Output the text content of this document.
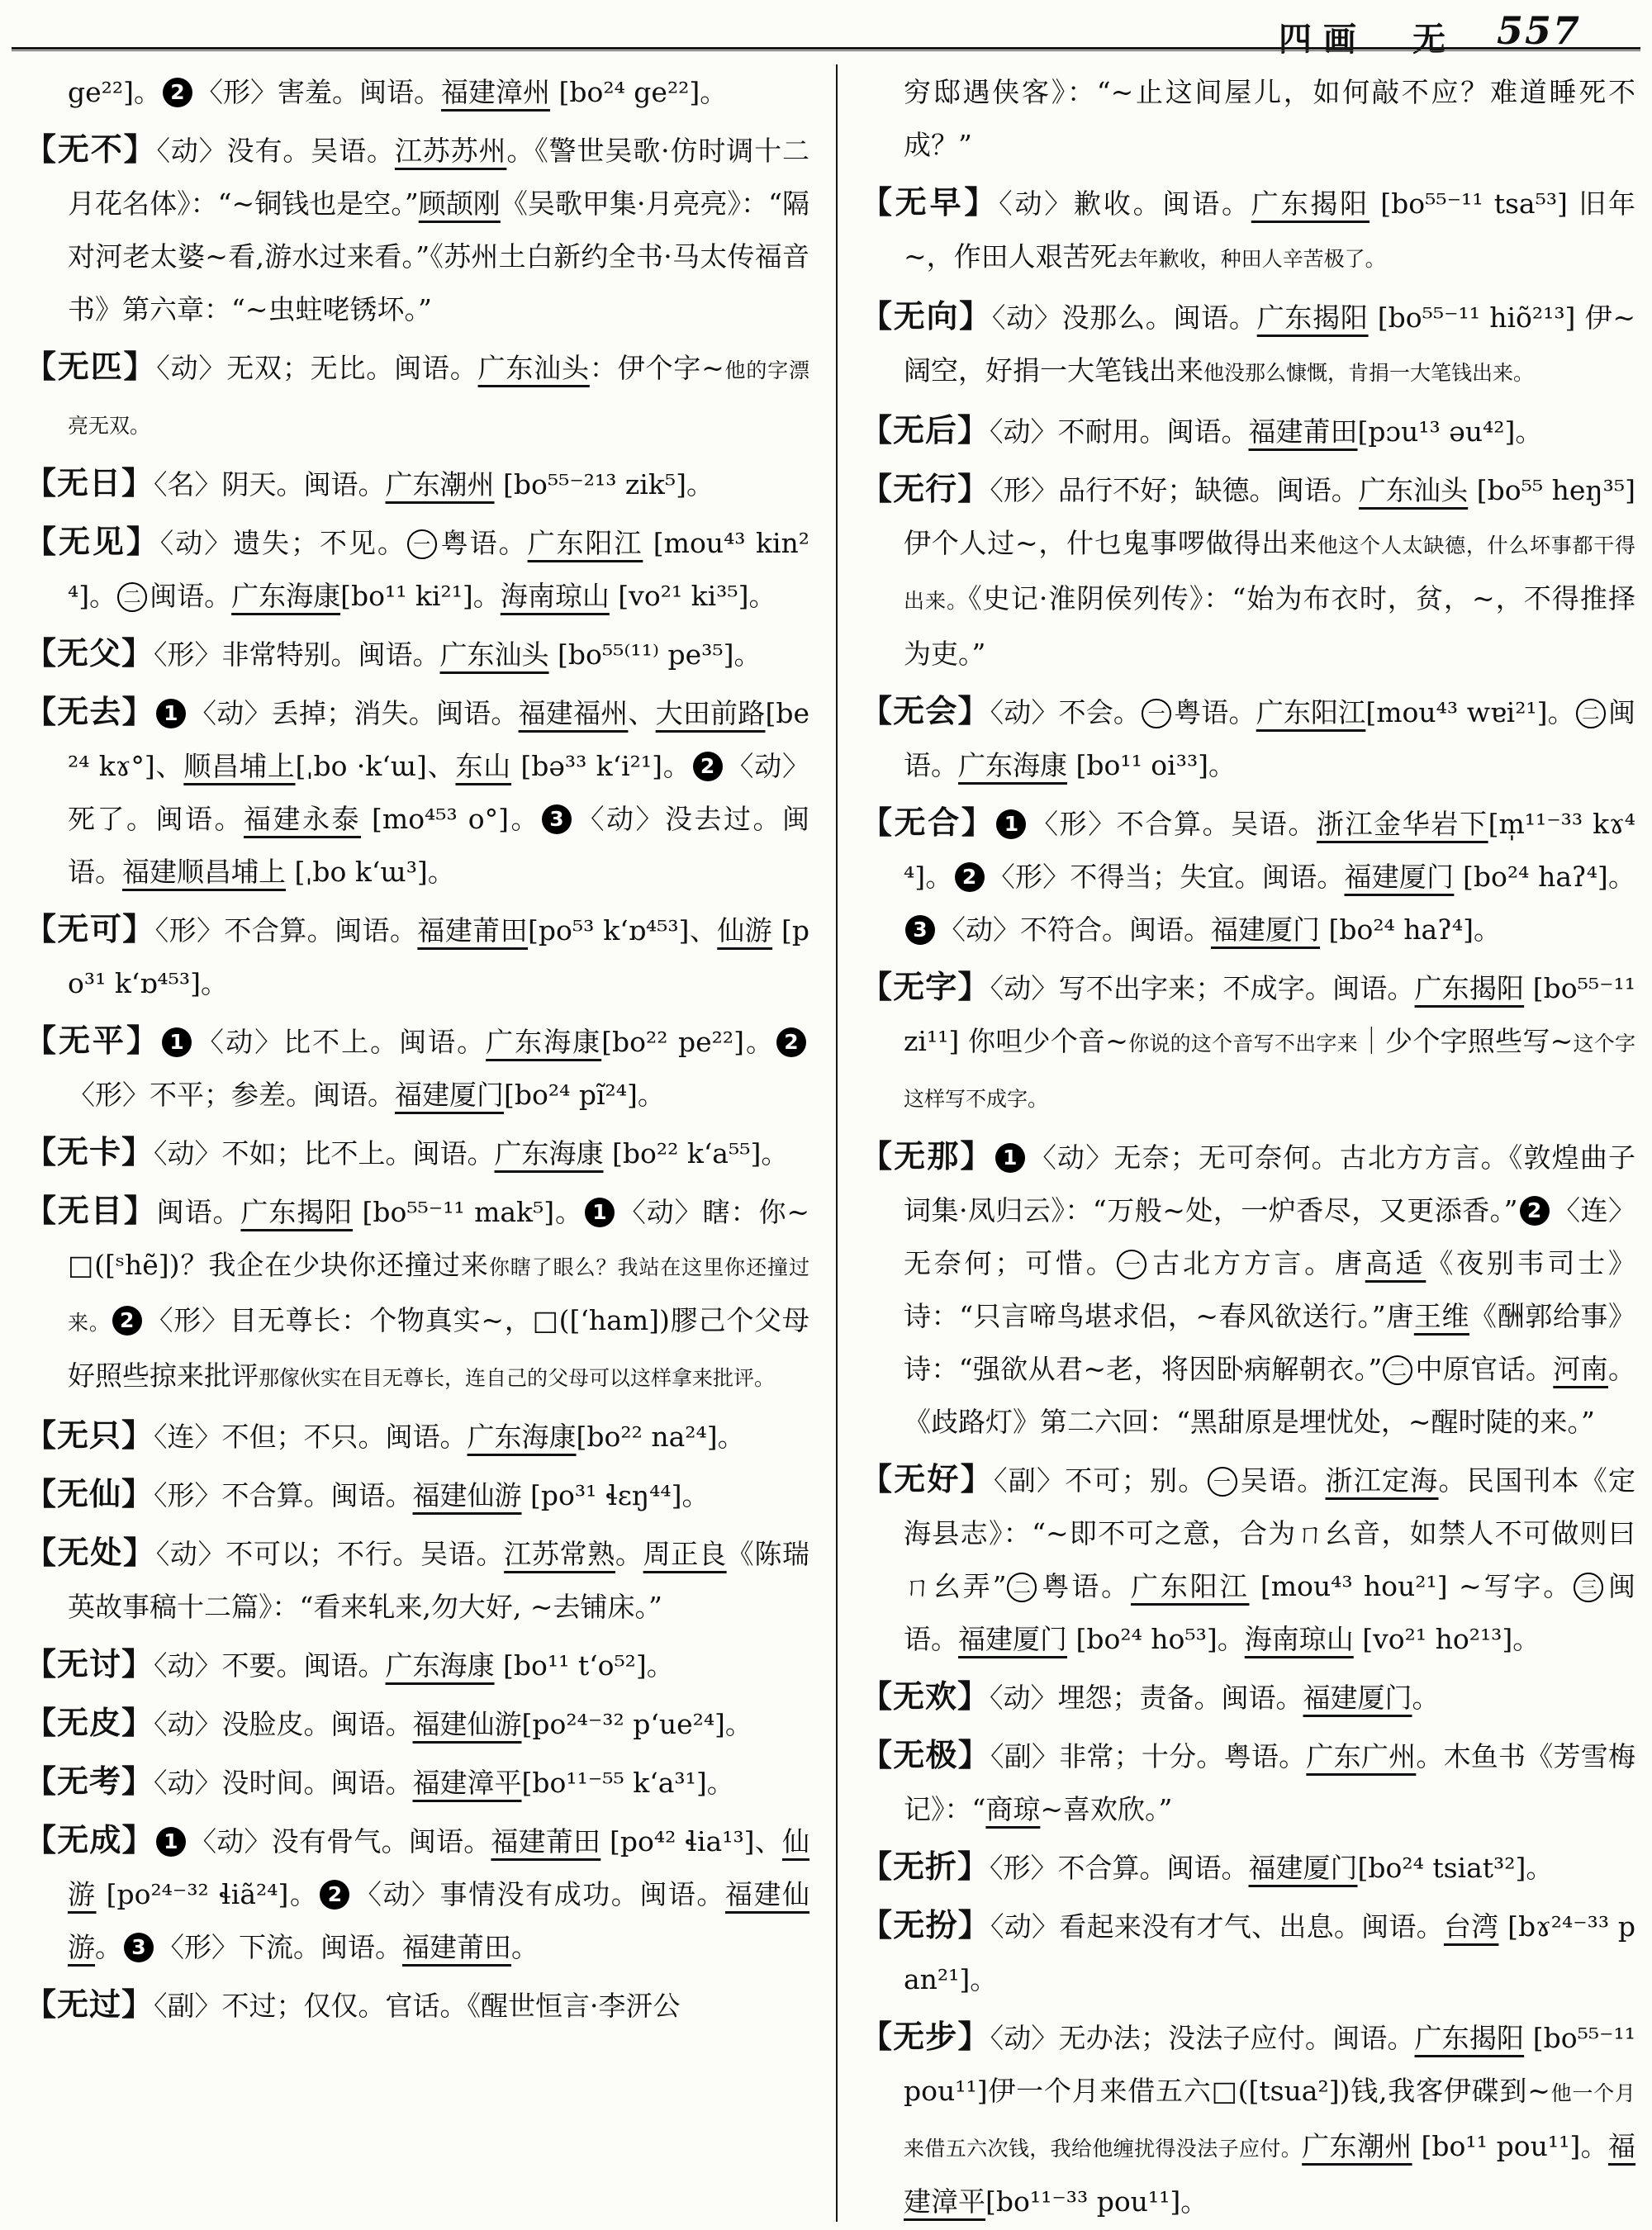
四画　无 557

ge²²]。 2 〈形〉害羞。闽语。福建漳州 [bo²⁴ ge²²]。

【无不】〈动〉没有。吴语。江苏苏州。《警世吴歌·仿时调十二月花名体》：“~铜钱也是空。”顾颉刚《吴歌甲集·月亮亮》：“隔对河老太婆~看,游水过来看。”《苏州土白新约全书·马太传福音书》第六章：“~虫蛀咾锈坏。”

【无匹】〈动〉无双；无比。闽语。广东汕头：伊个字~他的字漂亮无双。

【无日】〈名〉阴天。闽语。广东潮州 [bo⁵⁵⁻²¹³ zik⁵]。

【无见】〈动〉遗失；不见。 一 粤语。广东阳江 [mou⁴³ kin²⁴]。 二 闽语。广东海康[bo¹¹ ki²¹]。海南琼山 [vo²¹ ki³⁵]。

【无父】〈形〉非常特别。闽语。广东汕头 [bo⁵⁵⁽¹¹⁾ pe³⁵]。

【无去】 1 〈动〉丢掉；消失。闽语。福建福州、大田前路[be²⁴ kɤ°]、顺昌埔上[ˌbo ·kʻɯ]、东山 [bə³³ kʻi²¹]。 2 〈动〉死了。闽语。福建永泰 [mo⁴⁵³ o°]。 3 〈动〉没去过。闽语。福建顺昌埔上 [ˌbo kʻɯ³]。

【无可】〈形〉不合算。闽语。福建莆田[po⁵³ kʻɒ⁴⁵³]、仙游 [po³¹ kʻɒ⁴⁵³]。

【无平】 1 〈动〉比不上。闽语。广东海康[bo²² pe²²]。 2〈形〉不平；参差。闽语。福建厦门[bo²⁴ pĩ²⁴]。

【无卡】〈动〉不如；比不上。闽语。广东海康 [bo²² kʻa⁵⁵]。

【无目】闽语。广东揭阳 [bo⁵⁵⁻¹¹ mak⁵]。 1 〈动〉瞎：你~□([ˢhẽ])？我企在少块你还撞过来你瞎了眼么？我站在这里你还撞过来。 2 〈形〉目无尊长：个物真实~，□([ʻham])膠己个父母好照些掠来批评那傢伙实在目无尊长，连自己的父母可以这样拿来批评。

【无只】〈连〉不但；不只。闽语。广东海康[bo²² na²⁴]。

【无仙】〈形〉不合算。闽语。福建仙游 [po³¹ ɬɛŋ⁴⁴]。

【无处】〈动〉不可以；不行。吴语。江苏常熟。周正良《陈瑞英故事稿十二篇》：“看来轧来,勿大好, ~去铺床。”

【无讨】〈动〉不要。闽语。广东海康 [bo¹¹ tʻo⁵²]。

【无皮】〈动〉没脸皮。闽语。福建仙游[po²⁴⁻³² pʻue²⁴]。

【无考】〈动〉没时间。闽语。福建漳平[bo¹¹⁻⁵⁵ kʻa³¹]。

【无成】 1 〈动〉没有骨气。闽语。福建莆田 [po⁴² ɬia¹³]、仙游 [po²⁴⁻³² ɬiã²⁴]。 2 〈动〉事情没有成功。闽语。福建仙游。 3 〈形〉下流。闽语。福建莆田。

【无过】〈副〉不过；仅仅。官话。《醒世恒言·李汧公

穷邸遇侠客》：“~止这间屋儿，如何敲不应？难道睡死不成？”

【无早】〈动〉歉收。闽语。广东揭阳 [bo⁵⁵⁻¹¹ tsa⁵³] 旧年~，作田人艰苦死去年歉收，种田人辛苦极了。

【无向】〈动〉没那么。闽语。广东揭阳 [bo⁵⁵⁻¹¹ hiõ²¹³] 伊~阔空，好捐一大笔钱出来他没那么慷慨，肯捐一大笔钱出来。

【无后】〈动〉不耐用。闽语。福建莆田[pɔu¹³ əu⁴²]。

【无行】〈形〉品行不好；缺德。闽语。广东汕头 [bo⁵⁵ heŋ³⁵] 伊个人过~，什乜鬼事啰做得出来他这个人太缺德，什么坏事都干得出来。《史记·淮阴侯列传》：“始为布衣时，贫，~，不得推择为吏。”

【无会】〈动〉不会。 一 粤语。广东阳江[mou⁴³ wɐi²¹]。 二 闽语。广东海康 [bo¹¹ oi³³]。

【无合】 1 〈形〉不合算。吴语。浙江金华岩下[m̩¹¹⁻³³ kɤ⁴⁴]。 2 〈形〉不得当；失宜。闽语。福建厦门 [bo²⁴ haʔ⁴]。3 〈动〉不符合。闽语。福建厦门 [bo²⁴ haʔ⁴]。

【无字】〈动〉写不出字来；不成字。闽语。广东揭阳 [bo⁵⁵⁻¹¹ zi¹¹] 你呾少个音~你说的这个音写不出字来｜少个字照些写~这个字这样写不成字。

【无那】 1 〈动〉无奈；无可奈何。古北方方言。《敦煌曲子词集·凤归云》：“万般~处，一炉香尽，又更添香。” 2 〈连〉无奈何；可惜。 一 古北方方言。唐高适《夜别韦司士》诗：“只言啼鸟堪求侣，~春风欲送行。”唐王维《酬郭给事》诗：“强欲从君~老，将因卧病解朝衣。” 二 中原官话。河南。《歧路灯》第二六回：“黑甜原是埋忧处，~醒时陡的来。”

【无好】〈副〉不可；别。 一 吴语。浙江定海。民国刊本《定海县志》：“~即不可之意，合为ㄇ幺音，如禁人不可做则曰ㄇ幺弄” 二 粤语。广东阳江 [mou⁴³ hou²¹] ~写字。 三 闽语。福建厦门 [bo²⁴ ho⁵³]。海南琼山 [vo²¹ ho²¹³]。

【无欢】〈动〉埋怨；责备。闽语。福建厦门。

【无极】〈副〉非常；十分。粤语。广东广州。木鱼书《芳雪梅记》：“商琼~喜欢欣。”

【无折】〈形〉不合算。闽语。福建厦门[bo²⁴ tsiat³²]。

【无扮】〈动〉看起来没有才气、出息。闽语。台湾 [bɤ²⁴⁻³³ pan²¹]。

【无步】〈动〉无办法；没法子应付。闽语。广东揭阳 [bo⁵⁵⁻¹¹ pou¹¹]伊一个月来借五六□([tsua²])钱,我客伊碟到~他一个月来借五六次钱，我给他缠扰得没法子应付。广东潮州 [bo¹¹ pou¹¹]。福建漳平[bo¹¹⁻³³ pou¹¹]。
